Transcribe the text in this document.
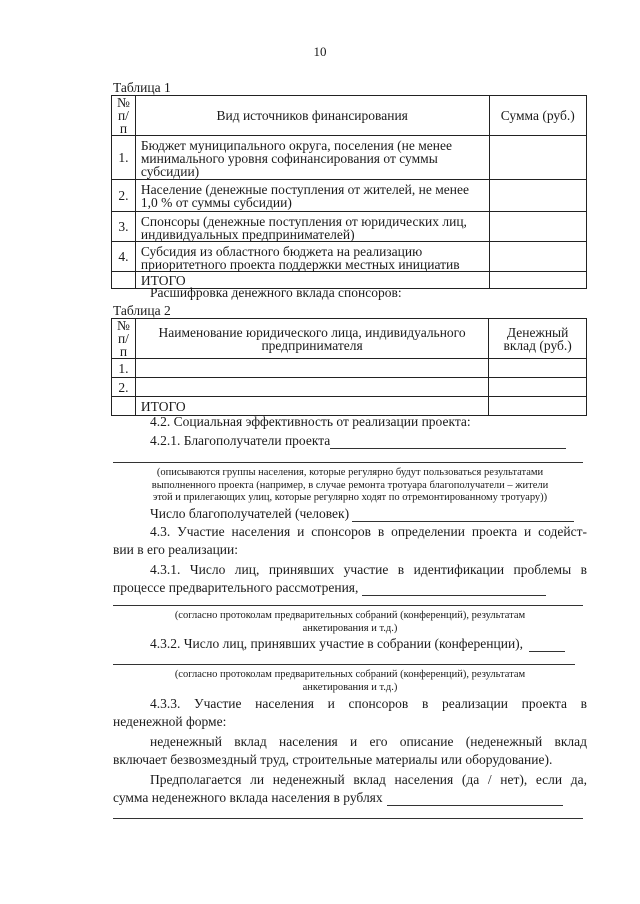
10
Таблица 1
№ п/п	Вид источников финансирования	Сумма (руб.)
1.	Бюджет муниципального округа, поселения (не менее минимального уровня софинансирования от суммы субсидии)	
2.	Население (денежные поступления от жителей, не менее 1,0 % от суммы субсидии)	
3.	Спонсоры (денежные поступления от юридических лиц, индивидуальных предпринимателей)	
4.	Субсидия из областного бюджета на реализацию приоритетного проекта поддержки местных инициатив	
	ИТОГО	
Расшифровка денежного вклада спонсоров:
Таблица 2
№ п/п	Наименование юридического лица, индивидуального предпринимателя	Денежный вклад (руб.)
1.		
2.		
	ИТОГО	
4.2. Социальная эффективность от реализации проекта:
4.2.1. Благополучатели проекта
(описываются группы населения, которые регулярно будут пользоваться результатами
выполненного проекта (например, в случае ремонта тротуара благополучатели – жители
этой и прилегающих улиц, которые регулярно ходят по отремонтированному тротуару))
Число благополучателей (человек)
4.3. Участие населения и спонсоров в определении проекта и содейст-
вии в его реализации:
4.3.1. Число лиц, принявших участие в идентификации проблемы в
процессе предварительного рассмотрения,
(согласно протоколам предварительных собраний (конференций), результатам
анкетирования и т.д.)
4.3.2. Число лиц, принявших участие в собрании (конференции),
(согласно протоколам предварительных собраний (конференций), результатам
анкетирования и т.д.)
4.3.3. Участие населения и спонсоров в реализации проекта в
неденежной форме:
неденежный вклад населения и его описание (неденежный вклад
включает безвозмездный труд, строительные материалы или оборудование).
Предполагается ли неденежный вклад населения (да / нет), если да,
сумма неденежного вклада населения в рублях
